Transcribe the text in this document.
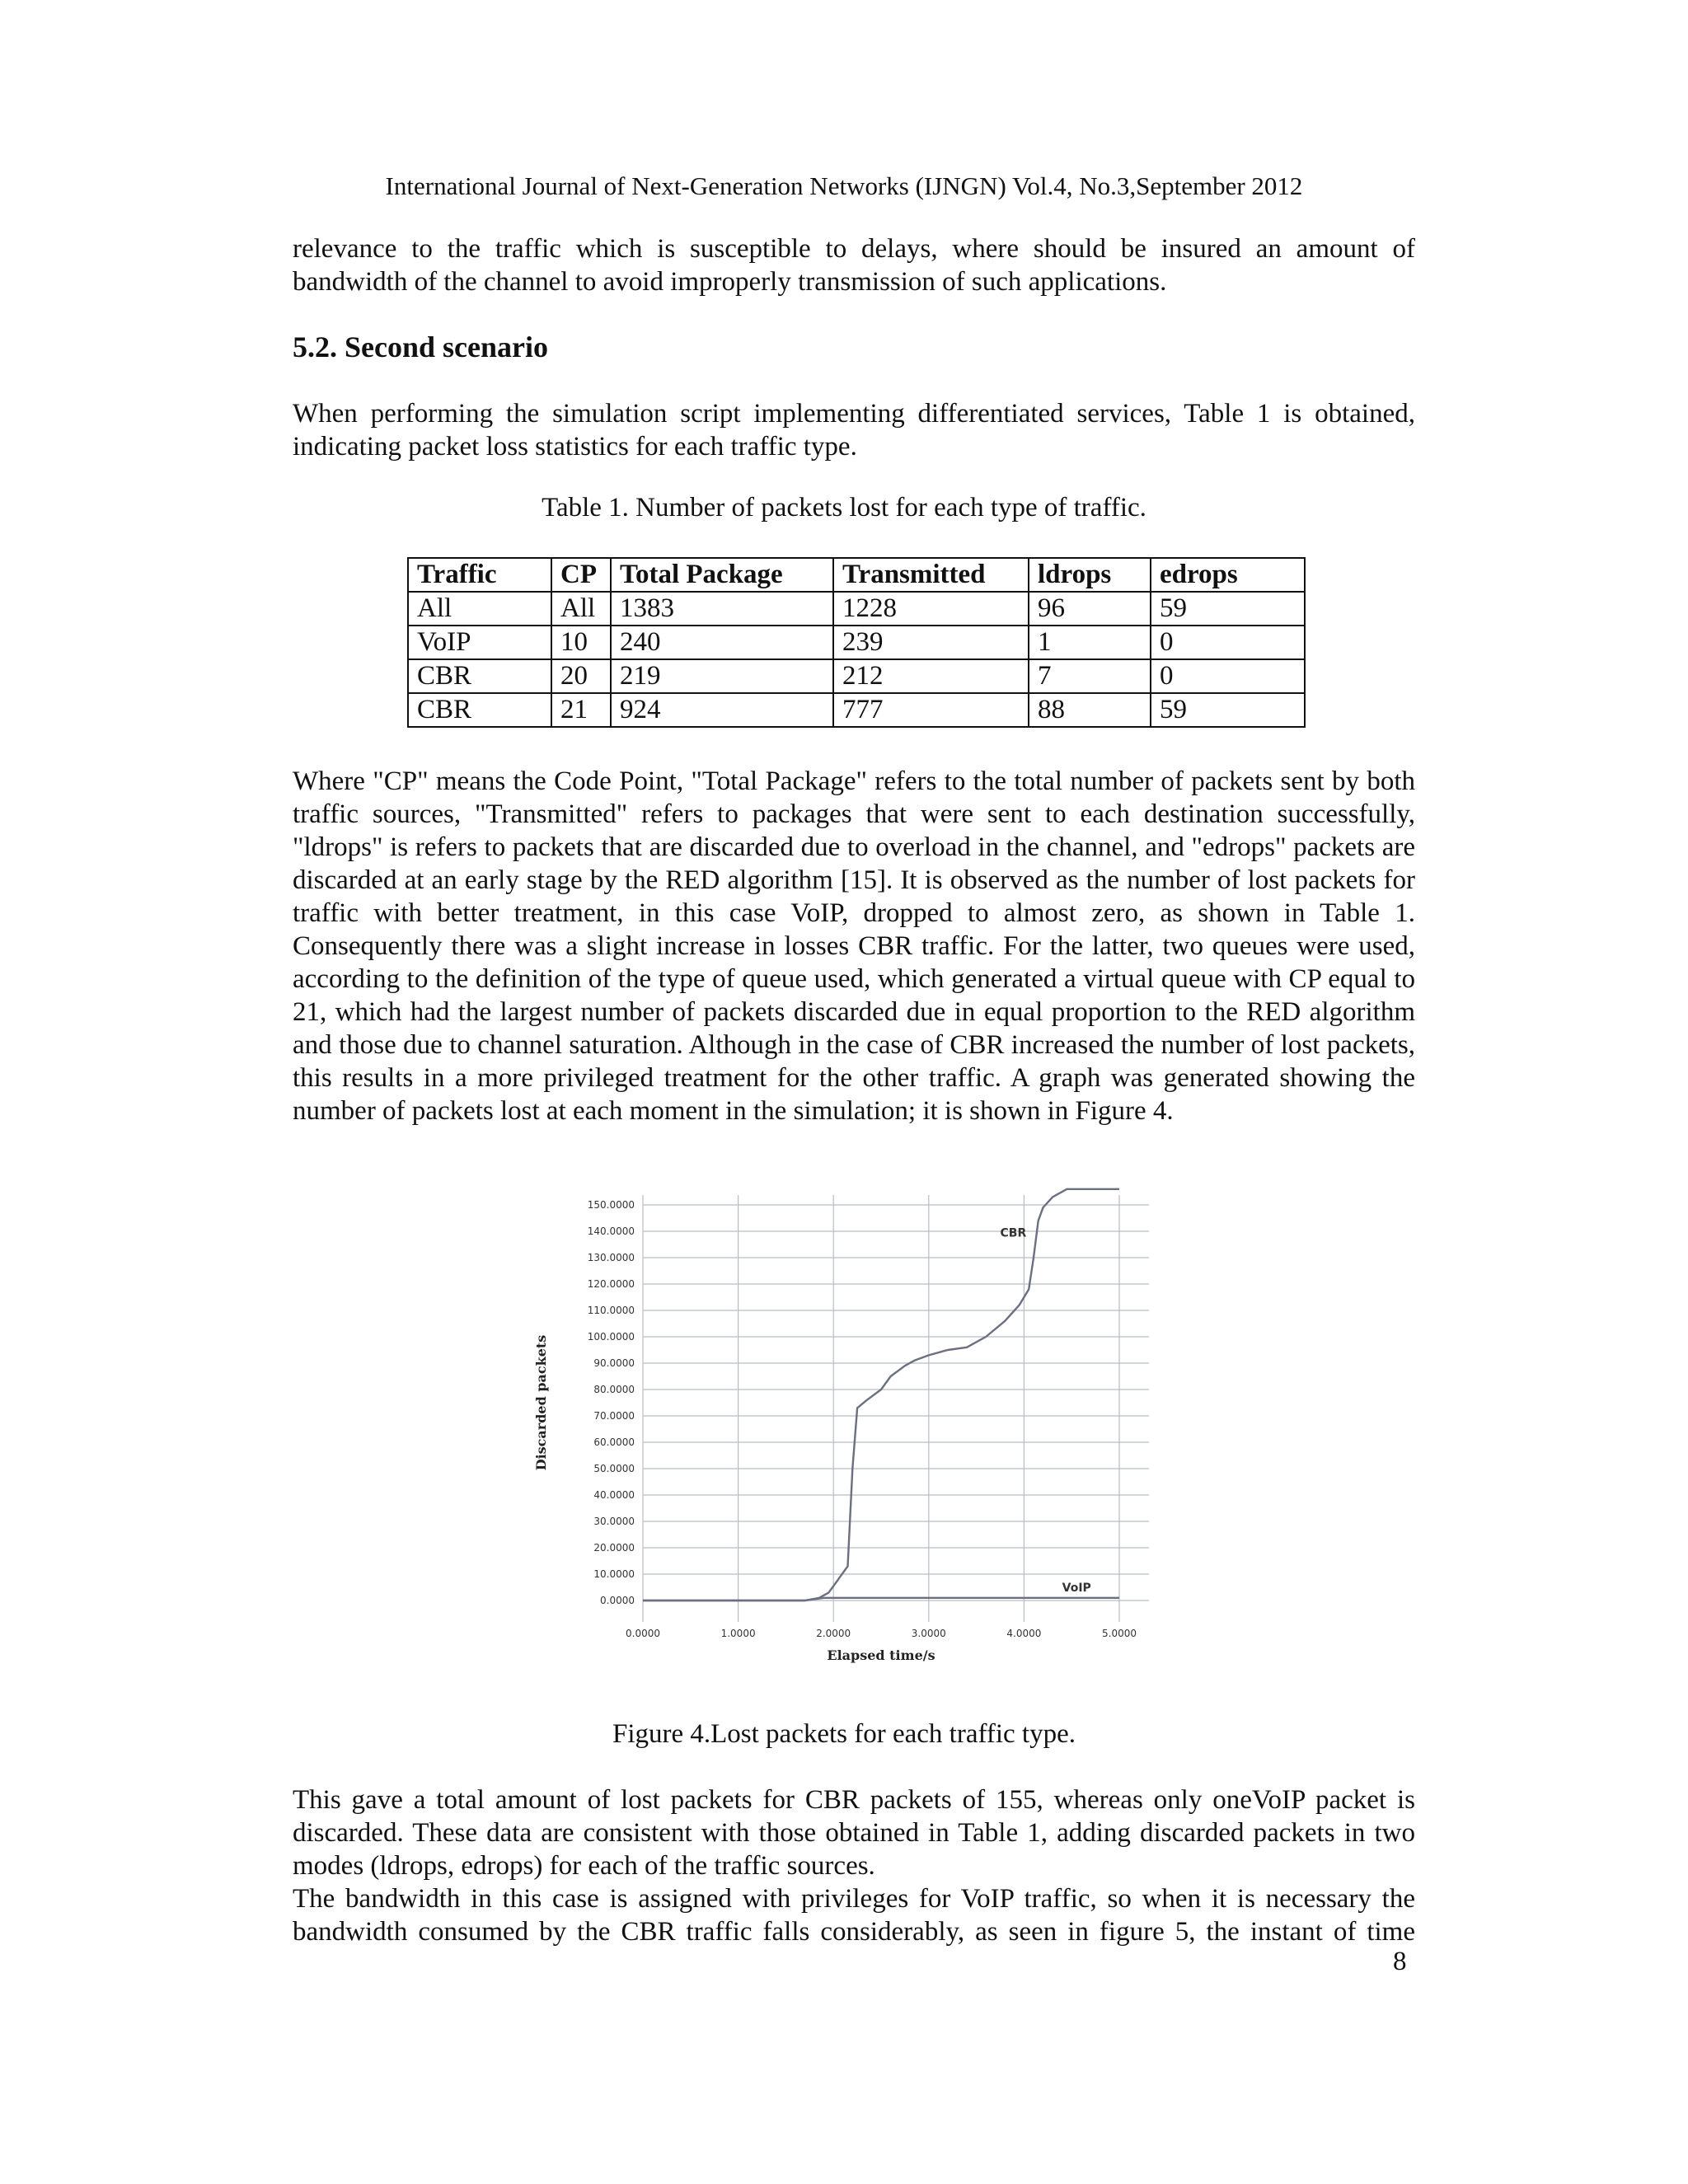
International Journal of Next-Generation Networks (IJNGN) Vol.4, No.3,September 2012

relevance to the traffic which is susceptible to delays, where should be insured an amount of bandwidth of the channel to avoid improperly transmission of such applications.

5.2. Second scenario

When performing the simulation script implementing differentiated services, Table 1 is obtained, indicating packet loss statistics for each traffic type.

Table 1. Number of packets lost for each type of traffic.
Traffic	CP	Total Package	Transmitted	ldrops	edrops
All	All	1383	1228	96	59
VoIP	10	240	239	1	0
CBR	20	219	212	7	0
CBR	21	924	777	88	59

Where "CP" means the Code Point, "Total Package" refers to the total number of packets sent by both traffic sources, "Transmitted" refers to packages that were sent to each destination successfully, "ldrops" is refers to packets that are discarded due to overload in the channel, and "edrops" packets are discarded at an early stage by the RED algorithm [15]. It is observed as the number of lost packets for traffic with better treatment, in this case VoIP, dropped to almost zero, as shown in Table 1. Consequently there was a slight increase in losses CBR traffic. For the latter, two queues were used, according to the definition of the type of queue used, which generated a virtual queue with CP equal to 21, which had the largest number of packets discarded due in equal proportion to the RED algorithm and those due to channel saturation. Although in the case of CBR increased the number of lost packets, this results in a more privileged treatment for the other traffic. A graph was generated showing the number of packets lost at each moment in the simulation; it is shown in Figure 4.

0.0000
10.0000
20.0000
30.0000
40.0000
50.0000
60.0000
70.0000
80.0000
90.0000
100.0000
110.0000
120.0000
130.0000
140.0000
150.0000
0.0000	1.0000	2.0000	3.0000	4.0000	5.0000
CBR
VoIP
Discarded packets
Elapsed time/s
Figure 4.Lost packets for each traffic type.

This gave a total amount of lost packets for CBR packets of 155, whereas only oneVoIP packet is discarded. These data are consistent with those obtained in Table 1, adding discarded packets in two modes (ldrops, edrops) for each of the traffic sources.

The bandwidth in this case is assigned with privileges for VoIP traffic, so when it is necessary the bandwidth consumed by the CBR traffic falls considerably, as seen in figure 5, the instant of time

8
